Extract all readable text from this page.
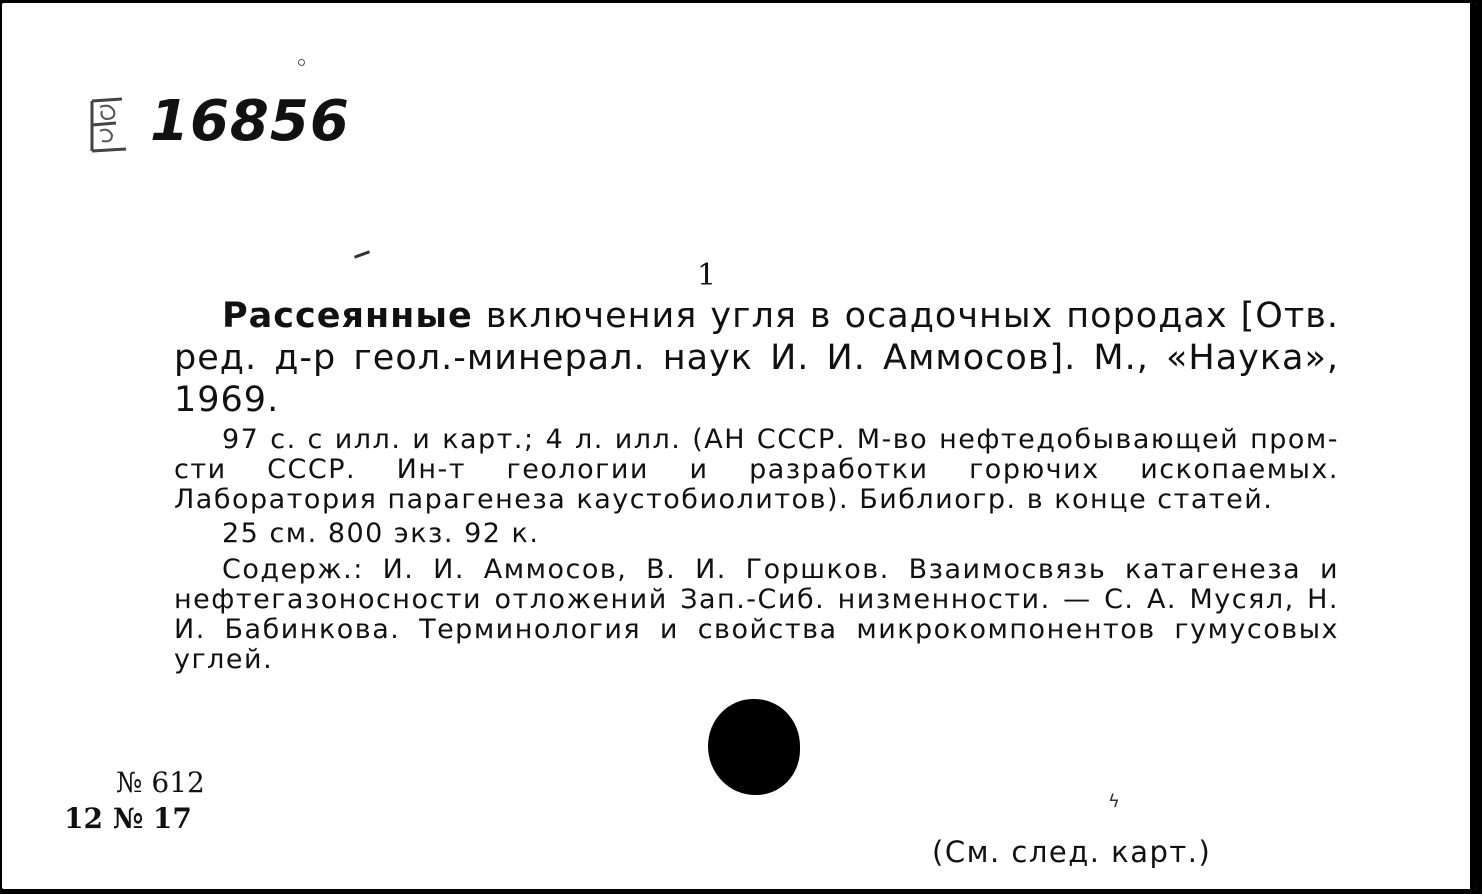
16856
1
Рассеянные включения угля в осадочных породах [Отв. ред. д-р геол.-минерал. наук И. И. Аммосов]. М., «Наука», 1969.
97 с. с илл. и карт.; 4 л. илл. (АН СССР. М-во нефтедобывающей пром-сти СССР. Ин-т геологии и разработки горючих ископаемых. Лаборатория парагенеза каустобиолитов). Библиогр. в конце статей.
25 см. 800 экз. 92 к.
Содерж.: И. И. Аммосов, В. И. Горшков. Взаимосвязь катагенеза и нефтегазоносности отложений Зап.-Сиб. низменности. — С. А. Мусял, Н. И. Бабинкова. Терминология и свойства микрокомпонентов гумусовых углей.
№ 612
12 № 17
ϟ
(См. след. карт.)
